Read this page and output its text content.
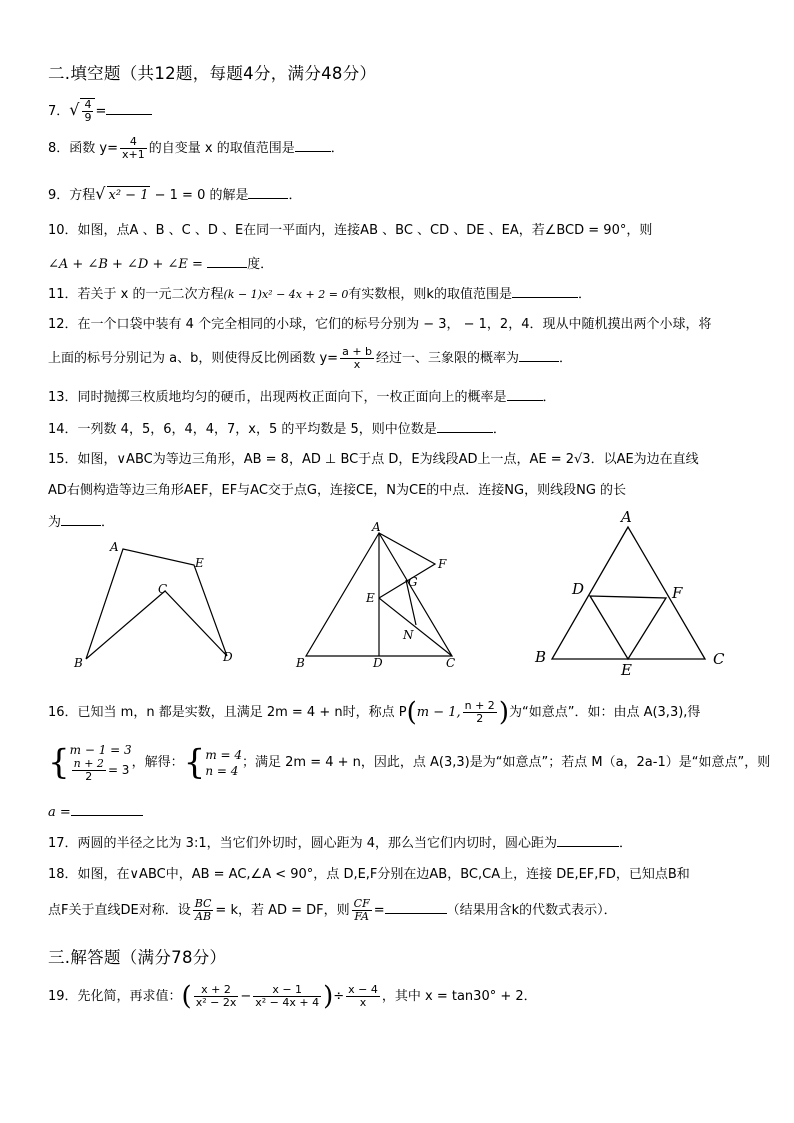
二.填空题（共12题，每题4分，满分48分）
7．√ $\frac{4}{9}$ =
8．函数 $y= \frac{4}{x+1}$ 的自变量 x 的取值范围是	．
9．方程√ x² − 1 − 1 = 0 的解是	．
10．如图，点A 、B 、C 、D 、E在同一平面内，连接AB 、BC 、CD 、DE 、EA，若∠BCD = 90°，则
∠A + ∠B + ∠D + ∠E =	度．
11．若关于 x 的一元二次方程(k − 1)x² − 4x + 2 = 0有实数根，则k的取值范围是	．
12．在一个口袋中装有 4 个完全相同的小球，它们的标号分别为 − 3， − 1，2，4．现从中随机摸出两个小球，将
上面的标号分别记为 a、b，则使得反比例函数 $y= \frac{a + b}{x}$ 经过一、三象限的概率为	．
13．同时抛掷三枚质地均匀的硬币，出现两枚正面向下，一枚正面向上的概率是	．
14．一列数 4，5，6，4，4，7，x，5 的平均数是 5，则中位数是	．
15．如图，∨ABC为等边三角形，AB = 8，AD ⊥ BC于点 D，E为线段AD上一点，AE = 2√3．以AE为边在直线
AD右侧构造等边三角形AEF，EF与AC交于点G，连接CE，N为CE的中点．连接NG，则线段NG 的长
为	．
A
B
C
D
E
A
B	C
D
E
F
G
N
A
B	C
D
E
F
16．已知当 m，n 都是实数，且满足 2m = 4 + n时，称点 P(m − 1, $\frac{n + 2}{2}$ )为“如意点”．如：由点 A(3,3),得
{ m − 1 = 3
$\frac{n + 2}{2} = 3$ ，解得：{ m = 4
n = 4
；满足 2m = 4 + n，因此，点 A(3,3)是为“如意点”；若点 M（a，2a-1）是“如意点”，则
a =
17．两圆的半径之比为 3:1，当它们外切时，圆心距为 4，那么当它们内切时，圆心距为	．
18．如图，在∨ABC中，AB = AC,∠A < 90°，点 D,E,F分别在边AB，BC,CA上，连接 DE,EF,FD，已知点B和
点F关于直线DE对称．设 $\frac{BC}{AB} = k$，若 AD = DF，则 $\frac{CF}{FA}$ =	（结果用含k的代数式表示）．
三.解答题（满分78分）
19．先化简，再求值：( $\frac{x + 2}{\text{x² − 2x}} - \frac{x - 1}{\text{x² − 4x + 4}}$ )÷ $\frac{x - 4}{x}$ ，其中 x = tan30° + 2．
